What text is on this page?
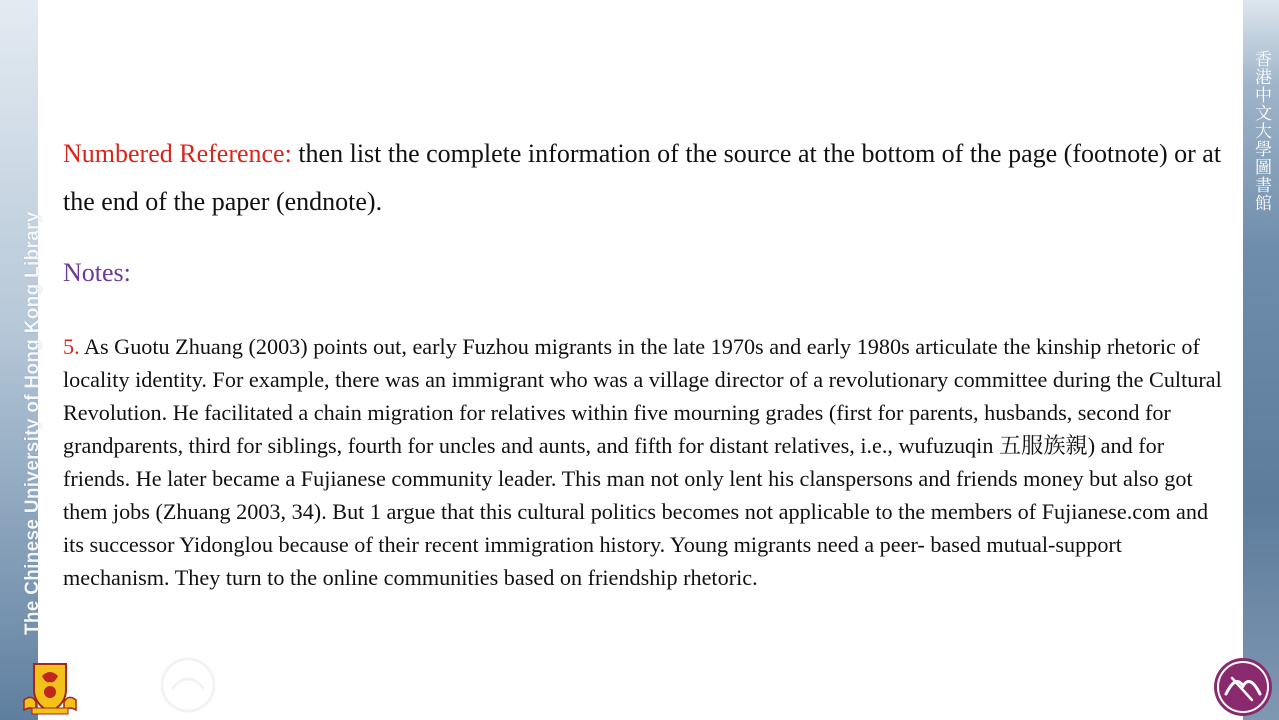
The Chinese University of Hong Kong Library
香港中文大學圖書館

Numbered Reference: then list the complete information of the source at the bottom of the page (footnote) or at the end of the paper (endnote).

Notes:

5. As Guotu Zhuang (2003) points out, early Fuzhou migrants in the late 1970s and early 1980s articulate the kinship rhetoric of locality identity. For example, there was an immigrant who was a village director of a revolutionary committee during the Cultural Revolution. He facilitated a chain migration for relatives within five mourning grades (first for parents, husbands, second for grandparents, third for siblings, fourth for uncles and aunts, and fifth for distant relatives, i.e., wufuzuqin 五服族親) and for friends. He later became a Fujianese community leader. This man not only lent his clanspersons and friends money but also got them jobs (Zhuang 2003, 34). But 1 argue that this cultural politics becomes not applicable to the members of Fujianese.com and its successor Yidonglou because of their recent immigration history. Young migrants need a peer- based mutual-support mechanism. They turn to the online communities based on friendship rhetoric.
